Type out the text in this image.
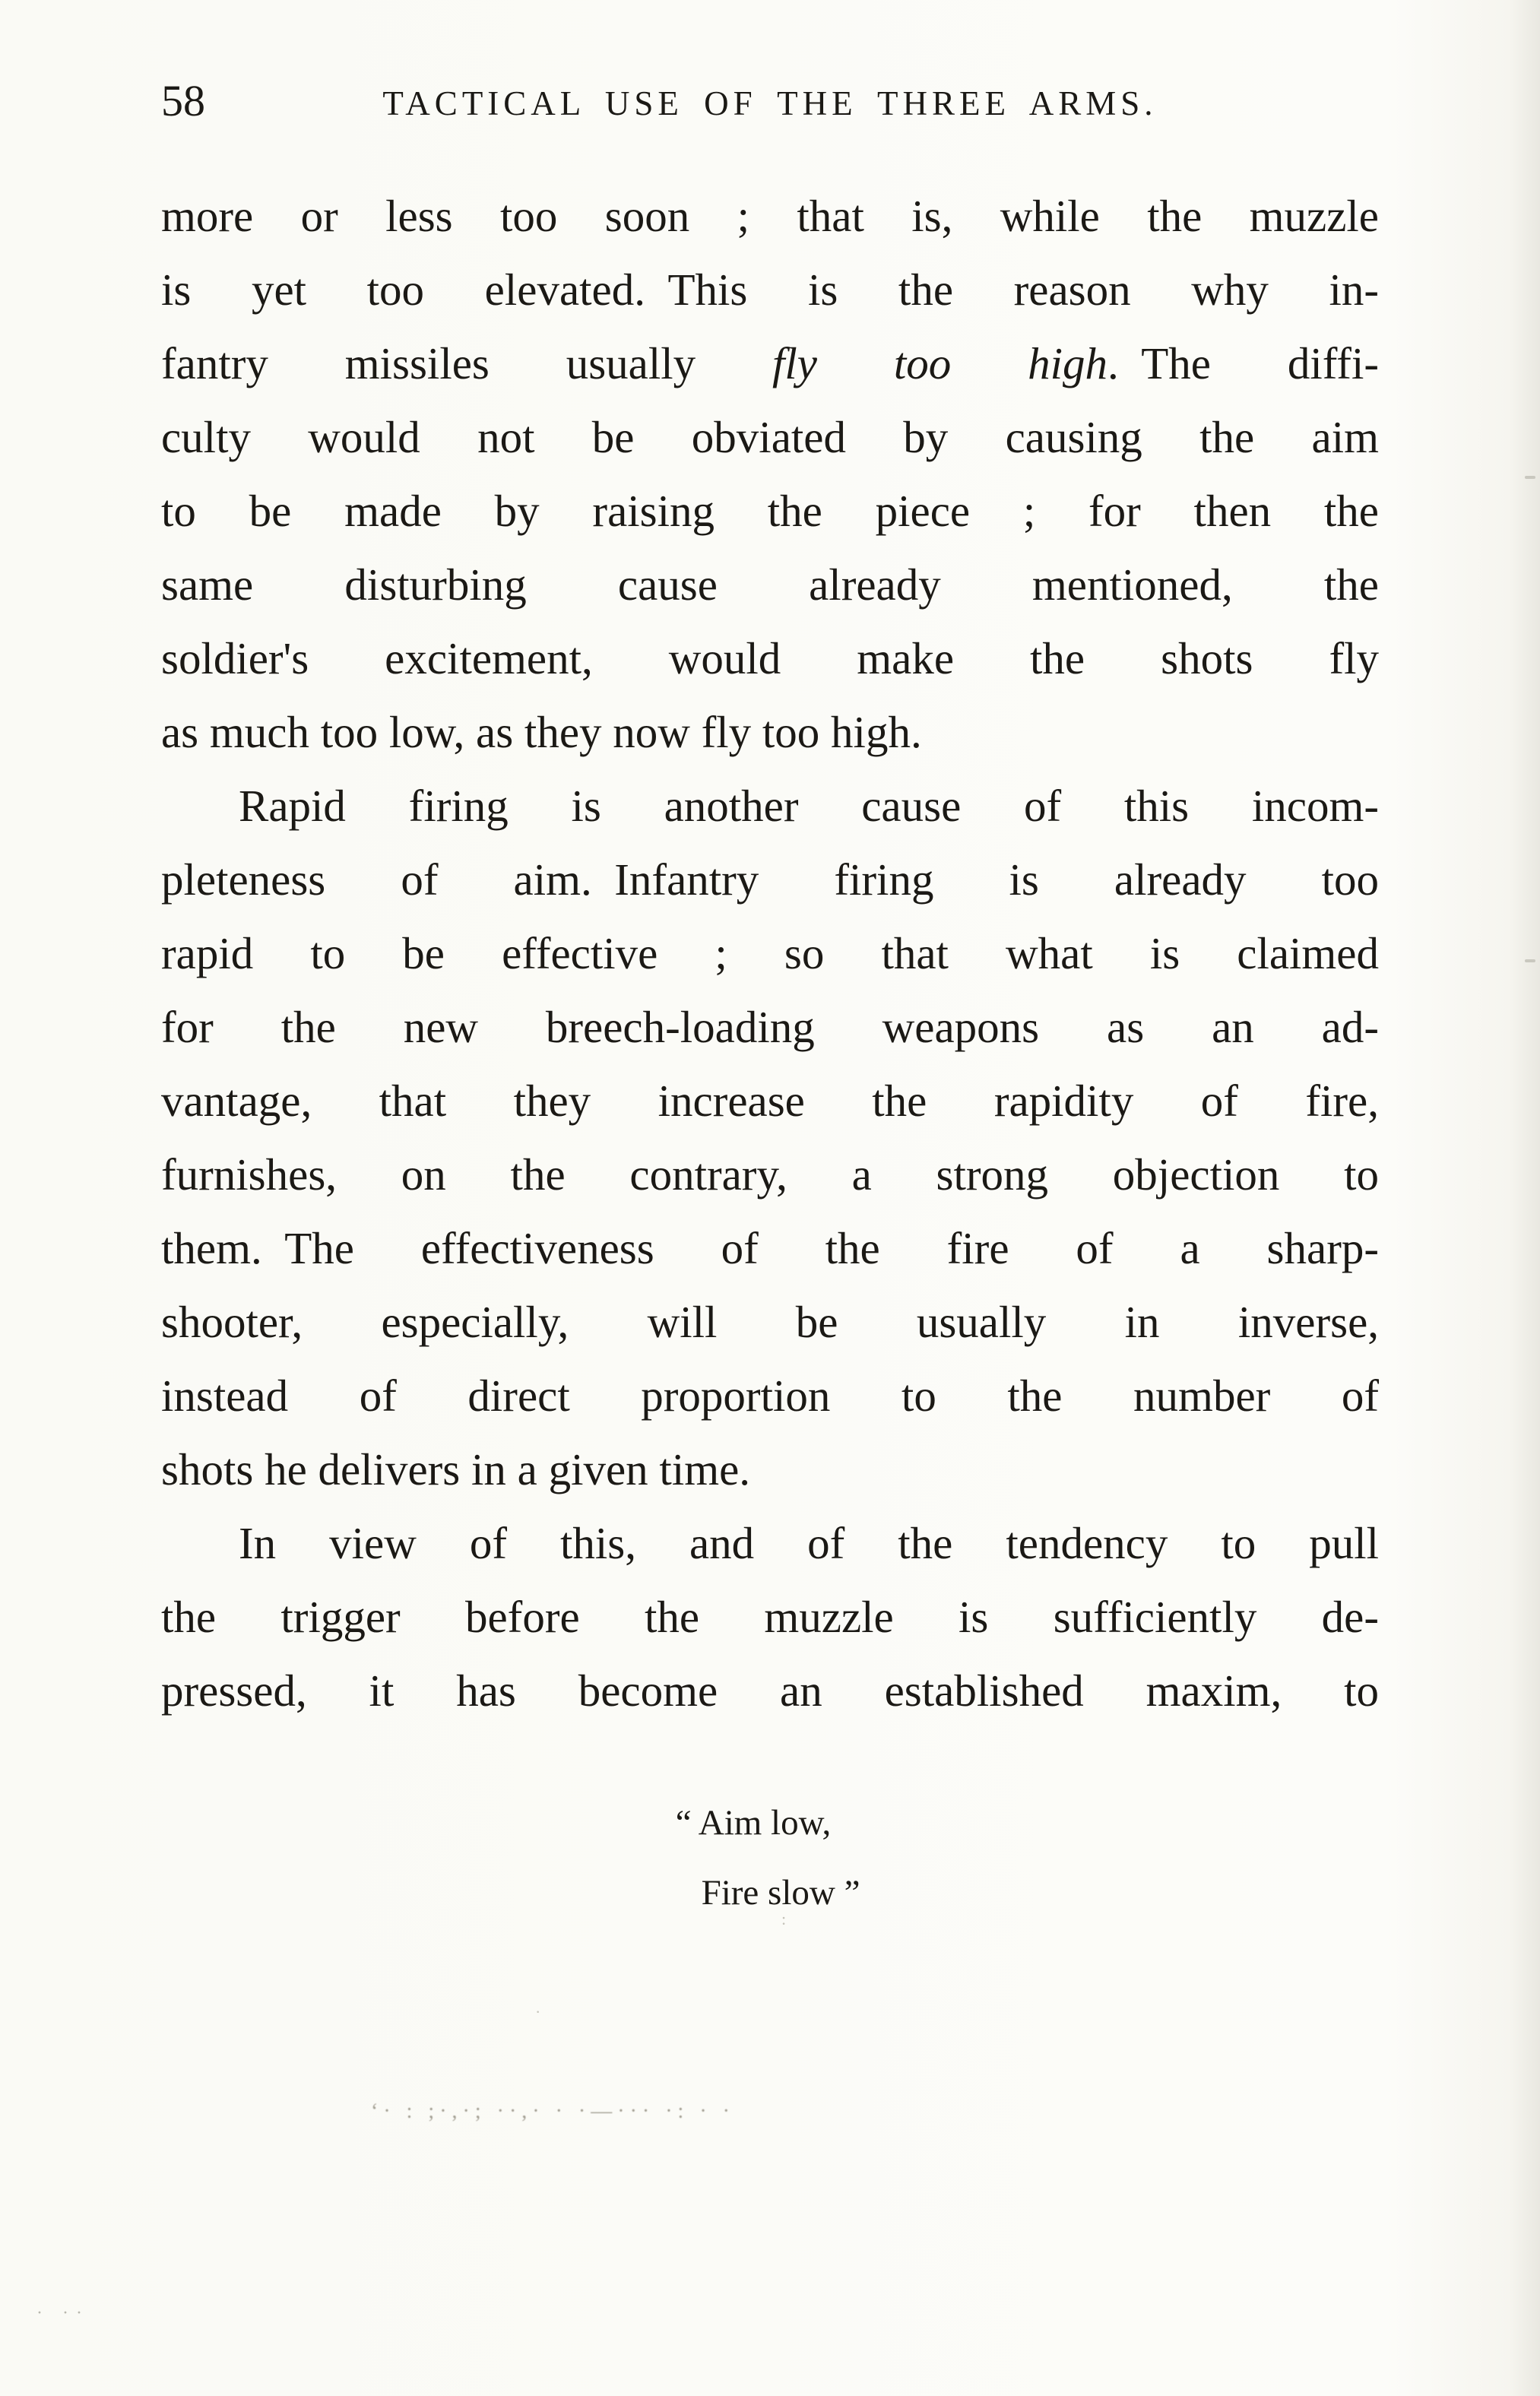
58	TACTICAL USE OF THE THREE ARMS.
more or less too soon ; that is, while the muzzle
is yet too elevated. This is the reason why in-
fantry missiles usually fly too high. The diffi-
culty would not be obviated by causing the aim
to be made by raising the piece ; for then the
same disturbing cause already mentioned, the
soldier's excitement, would make the shots fly
as much too low, as they now fly too high.
Rapid firing is another cause of this incom-
pleteness of aim. Infantry firing is already too
rapid to be effective ; so that what is claimed
for the new breech-loading weapons as an ad-
vantage, that they increase the rapidity of fire,
furnishes, on the contrary, a strong objection to
them. The effectiveness of the fire of a sharp-
shooter, especially, will be usually in inverse,
instead of direct proportion to the number of
shots he delivers in a given time.
In view of this, and of the tendency to pull
the trigger before the muzzle is sufficiently de-
pressed, it has become an established maxim, to
“ Aim low,
Fire slow ”
‘· : ;·,·; ··,· · ·—··· ·: · ·
:
·
· ··
